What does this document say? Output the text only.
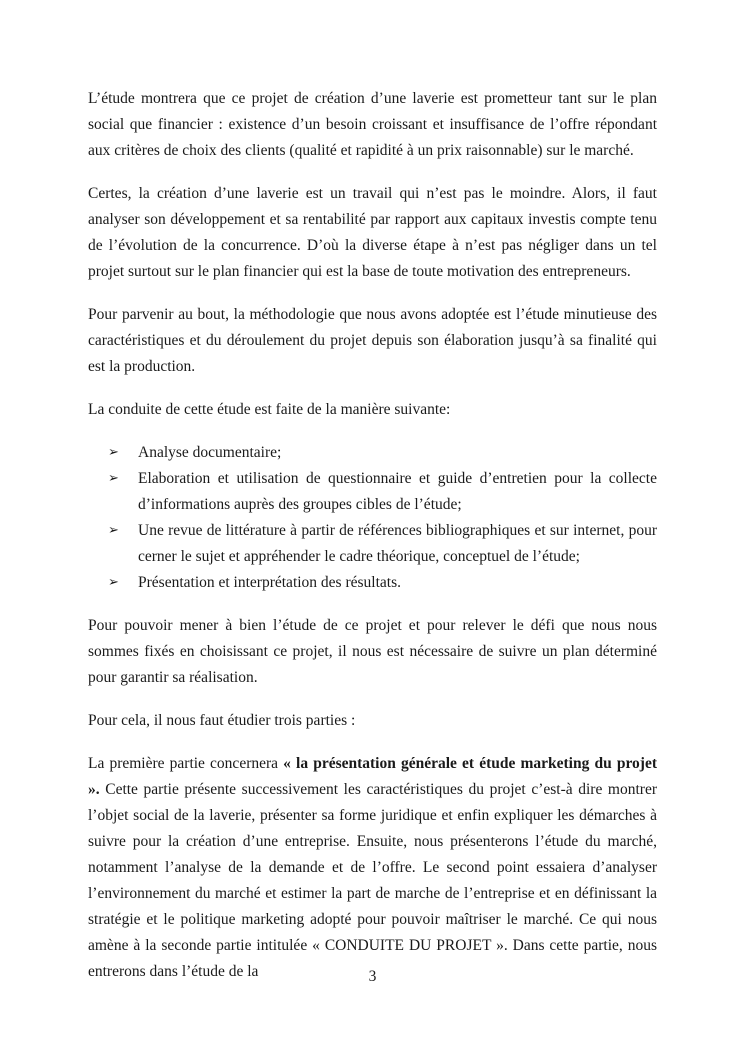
L’étude montrera que ce projet de création d’une laverie est prometteur tant sur le plan social que financier : existence d’un besoin croissant et insuffisance de l’offre répondant aux critères de choix des clients (qualité et rapidité à un prix raisonnable) sur le marché.

Certes, la création d’une laverie est un travail qui n’est pas le moindre. Alors, il faut analyser son développement et sa rentabilité par rapport aux capitaux investis compte tenu de l’évolution de la concurrence. D’où la diverse étape à n’est pas négliger dans un tel projet surtout sur le plan financier qui est la base de toute motivation des entrepreneurs.

Pour parvenir au bout, la méthodologie que nous avons adoptée est l’étude minutieuse des caractéristiques et du déroulement du projet depuis son élaboration jusqu’à sa finalité qui est la production.

La conduite de cette étude est faite de la manière suivante:

➢ Analyse documentaire;
➢ Elaboration et utilisation de questionnaire et guide d’entretien pour la collecte d’informations auprès des groupes cibles de l’étude;
➢ Une revue de littérature à partir de références bibliographiques et sur internet, pour cerner le sujet et appréhender le cadre théorique, conceptuel de l’étude;
➢ Présentation et interprétation des résultats.

Pour pouvoir mener à bien l’étude de ce projet et pour relever le défi que nous nous sommes fixés en choisissant ce projet, il nous est nécessaire de suivre un plan déterminé pour garantir sa réalisation.

Pour cela, il nous faut étudier trois parties :

La première partie concernera « la présentation générale et étude marketing du projet ». Cette partie présente successivement les caractéristiques du projet c’est-à dire montrer l’objet social de la laverie, présenter sa forme juridique et enfin expliquer les démarches à suivre pour la création d’une entreprise. Ensuite, nous présenterons l’étude du marché, notamment l’analyse de la demande et de l’offre. Le second point essaiera d’analyser l’environnement du marché et estimer la part de marche de l’entreprise et en définissant la stratégie et le politique marketing adopté pour pouvoir maîtriser le marché. Ce qui nous amène à la seconde partie intitulée « CONDUITE DU PROJET ». Dans cette partie, nous entrerons dans l’étude de la	3
